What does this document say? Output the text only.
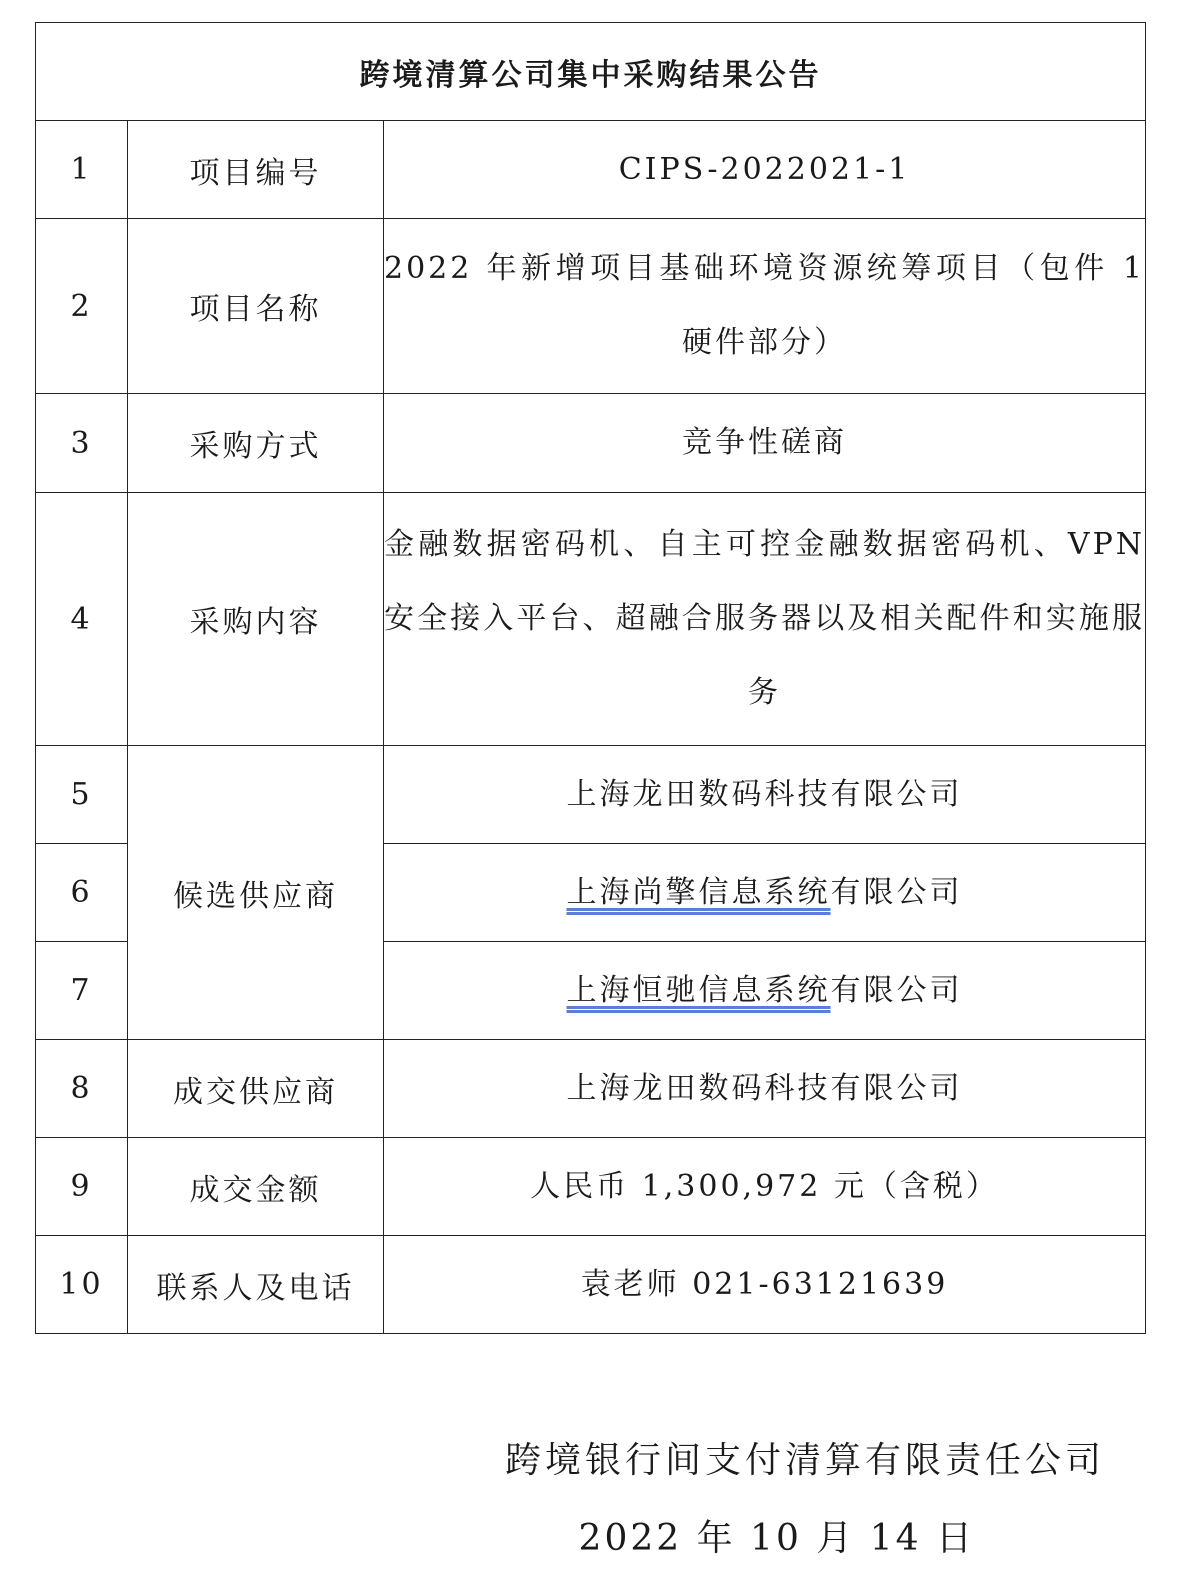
跨境清算公司集中采购结果公告		
1	项目编号	CIPS-2022021-1
2	项目名称	2022 年新增项目基础环境资源统筹项目（包件 1 硬件部分）
3	采购方式	竞争性磋商
4	采购内容	金融数据密码机、自主可控金融数据密码机、VPN 安全接入平台、超融合服务器以及相关配件和实施服务
5	候选供应商	上海龙田数码科技有限公司
6		上海尚擎信息系统有限公司
7		上海恒驰信息系统有限公司
8	成交供应商	上海龙田数码科技有限公司
9	成交金额	人民币 1,300,972 元（含税）
10	联系人及电话	袁老师 021-63121639
跨境银行间支付清算有限责任公司
2022 年 10 月 14 日
